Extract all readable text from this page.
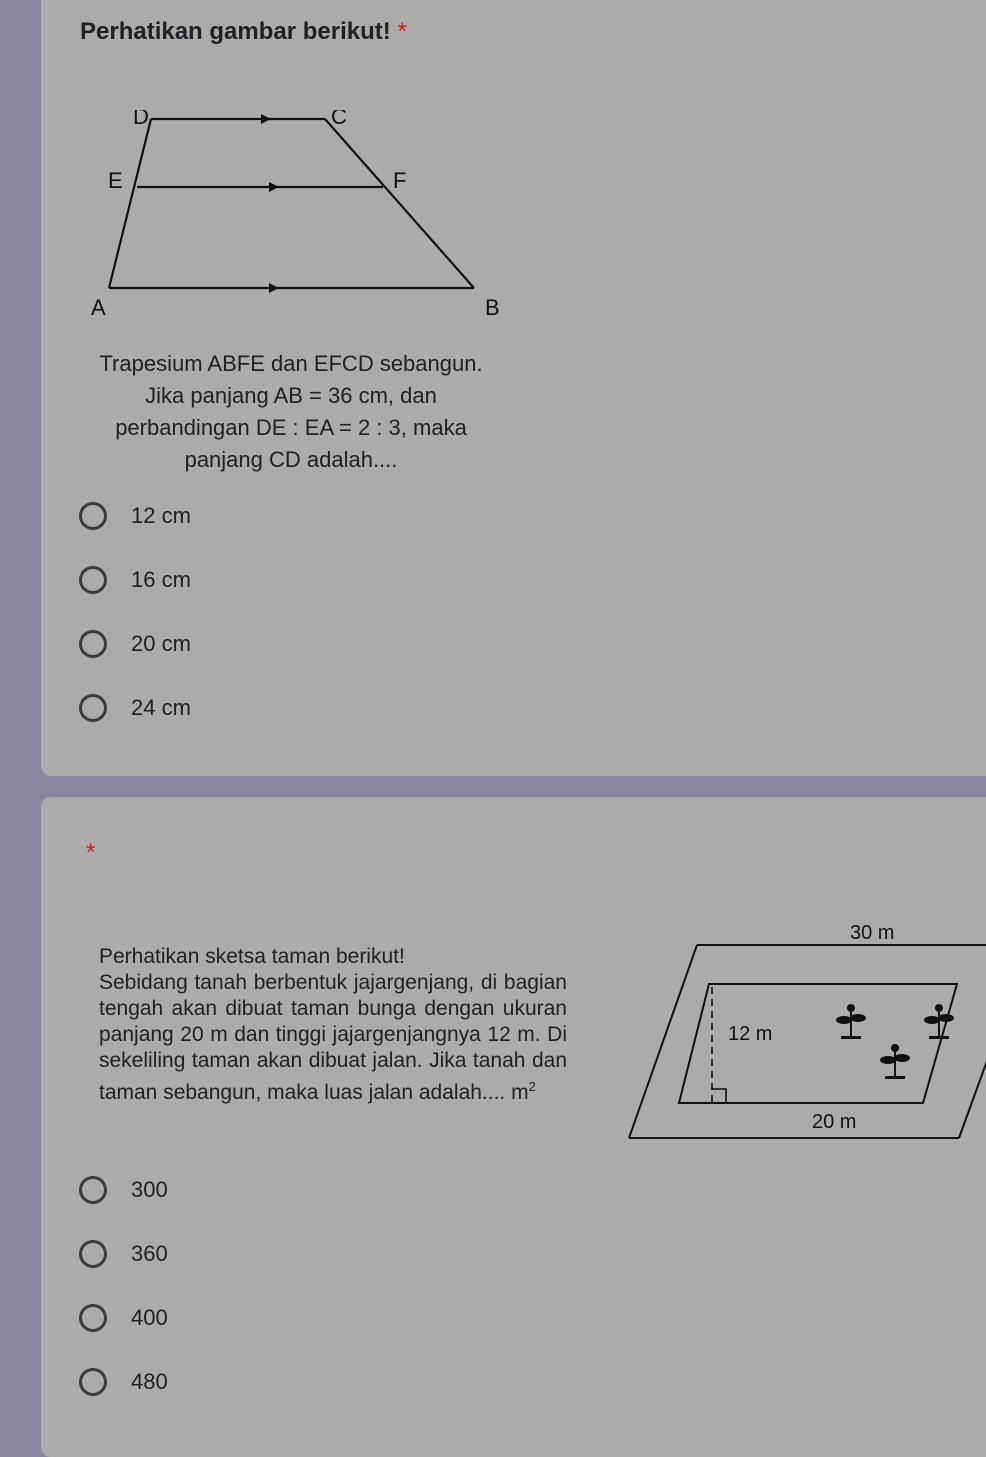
Perhatikan gambar berikut! *
D	C
E	F
A	B
Trapesium ABFE dan EFCD sebangun.
Jika panjang AB = 36 cm, dan
perbandingan DE : EA = 2 : 3, maka
panjang CD adalah....
12 cm
16 cm
20 cm
24 cm
*

Perhatikan sketsa taman berikut!

Sebidang tanah berbentuk jajargenjang, di bagian tengah akan dibuat taman bunga dengan ukuran panjang 20 m dan tinggi jajargenjangnya 12 m. Di sekeliling taman akan dibuat jalan. Jika tanah dan taman sebangun, maka luas jalan adalah.... $m^2$

30 m
12 m
20 m
300
360
400
480
